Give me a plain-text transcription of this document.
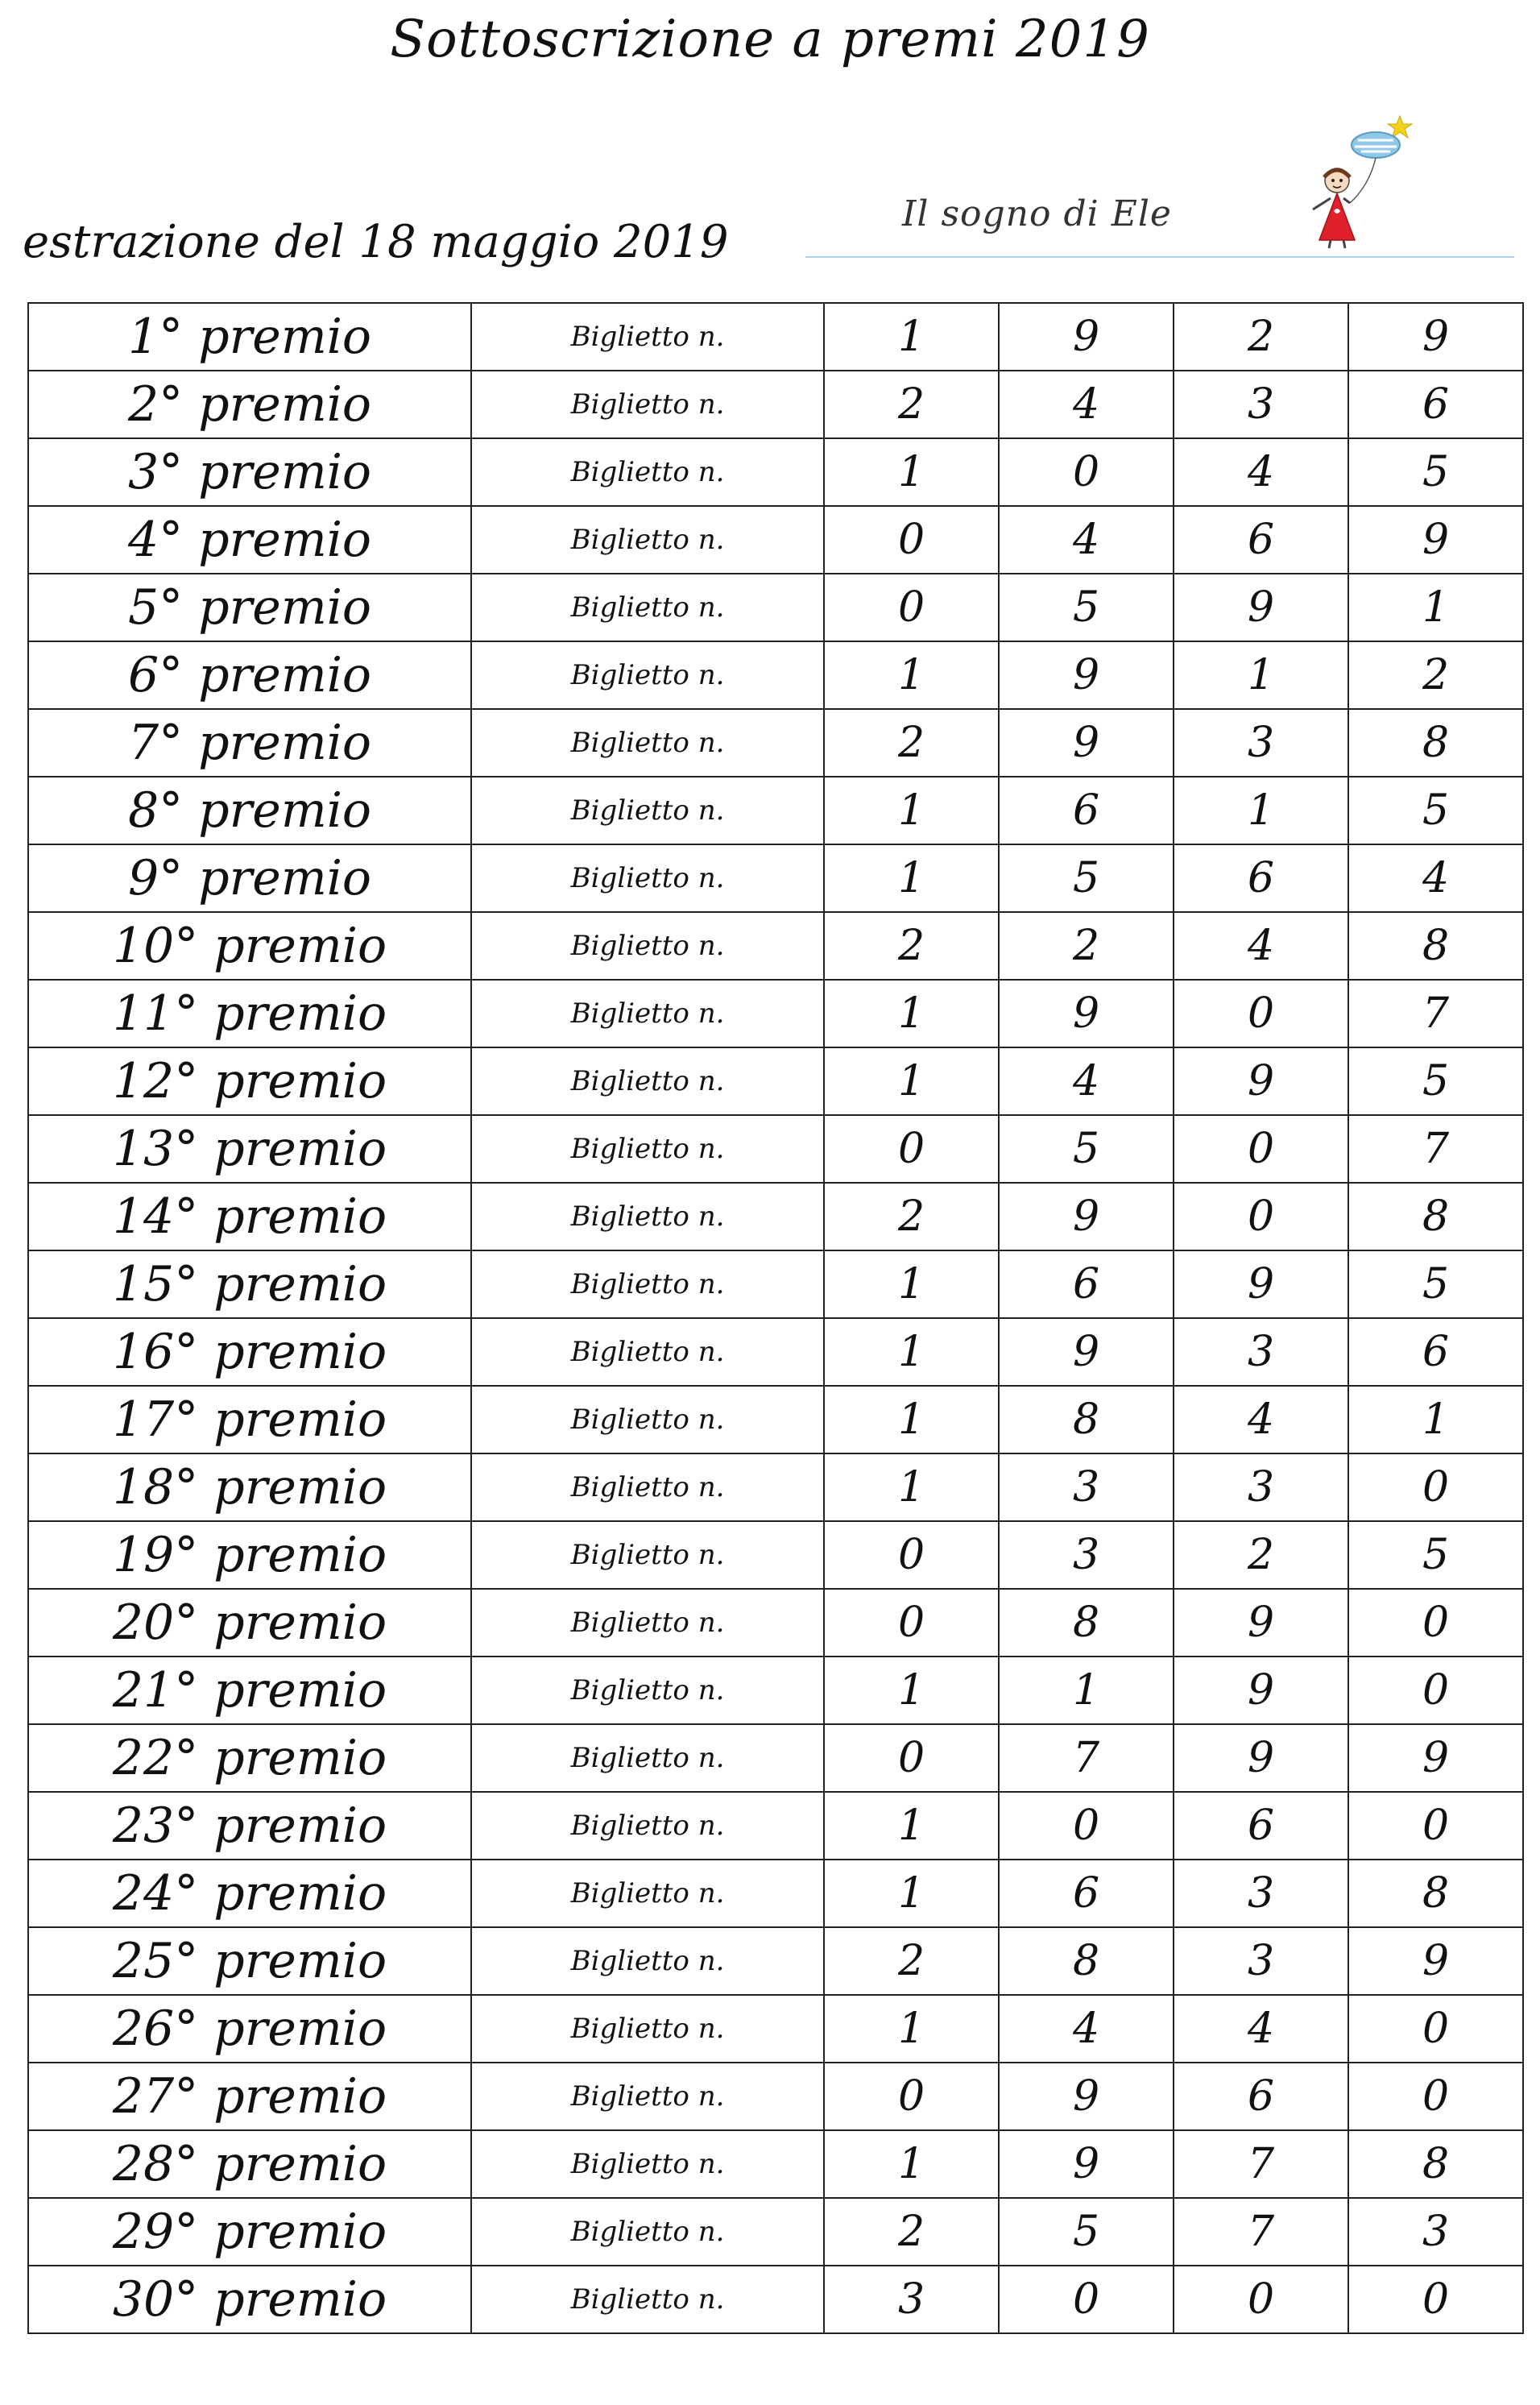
Sottoscrizione a premi 2019
Il sogno di Ele
estrazione del 18 maggio 2019
1° premio	Biglietto n.	1	9	2	9
2° premio	Biglietto n.	2	4	3	6
3° premio	Biglietto n.	1	0	4	5
4° premio	Biglietto n.	0	4	6	9
5° premio	Biglietto n.	0	5	9	1
6° premio	Biglietto n.	1	9	1	2
7° premio	Biglietto n.	2	9	3	8
8° premio	Biglietto n.	1	6	1	5
9° premio	Biglietto n.	1	5	6	4
10° premio	Biglietto n.	2	2	4	8
11° premio	Biglietto n.	1	9	0	7
12° premio	Biglietto n.	1	4	9	5
13° premio	Biglietto n.	0	5	0	7
14° premio	Biglietto n.	2	9	0	8
15° premio	Biglietto n.	1	6	9	5
16° premio	Biglietto n.	1	9	3	6
17° premio	Biglietto n.	1	8	4	1
18° premio	Biglietto n.	1	3	3	0
19° premio	Biglietto n.	0	3	2	5
20° premio	Biglietto n.	0	8	9	0
21° premio	Biglietto n.	1	1	9	0
22° premio	Biglietto n.	0	7	9	9
23° premio	Biglietto n.	1	0	6	0
24° premio	Biglietto n.	1	6	3	8
25° premio	Biglietto n.	2	8	3	9
26° premio	Biglietto n.	1	4	4	0
27° premio	Biglietto n.	0	9	6	0
28° premio	Biglietto n.	1	9	7	8
29° premio	Biglietto n.	2	5	7	3
30° premio	Biglietto n.	3	0	0	0
